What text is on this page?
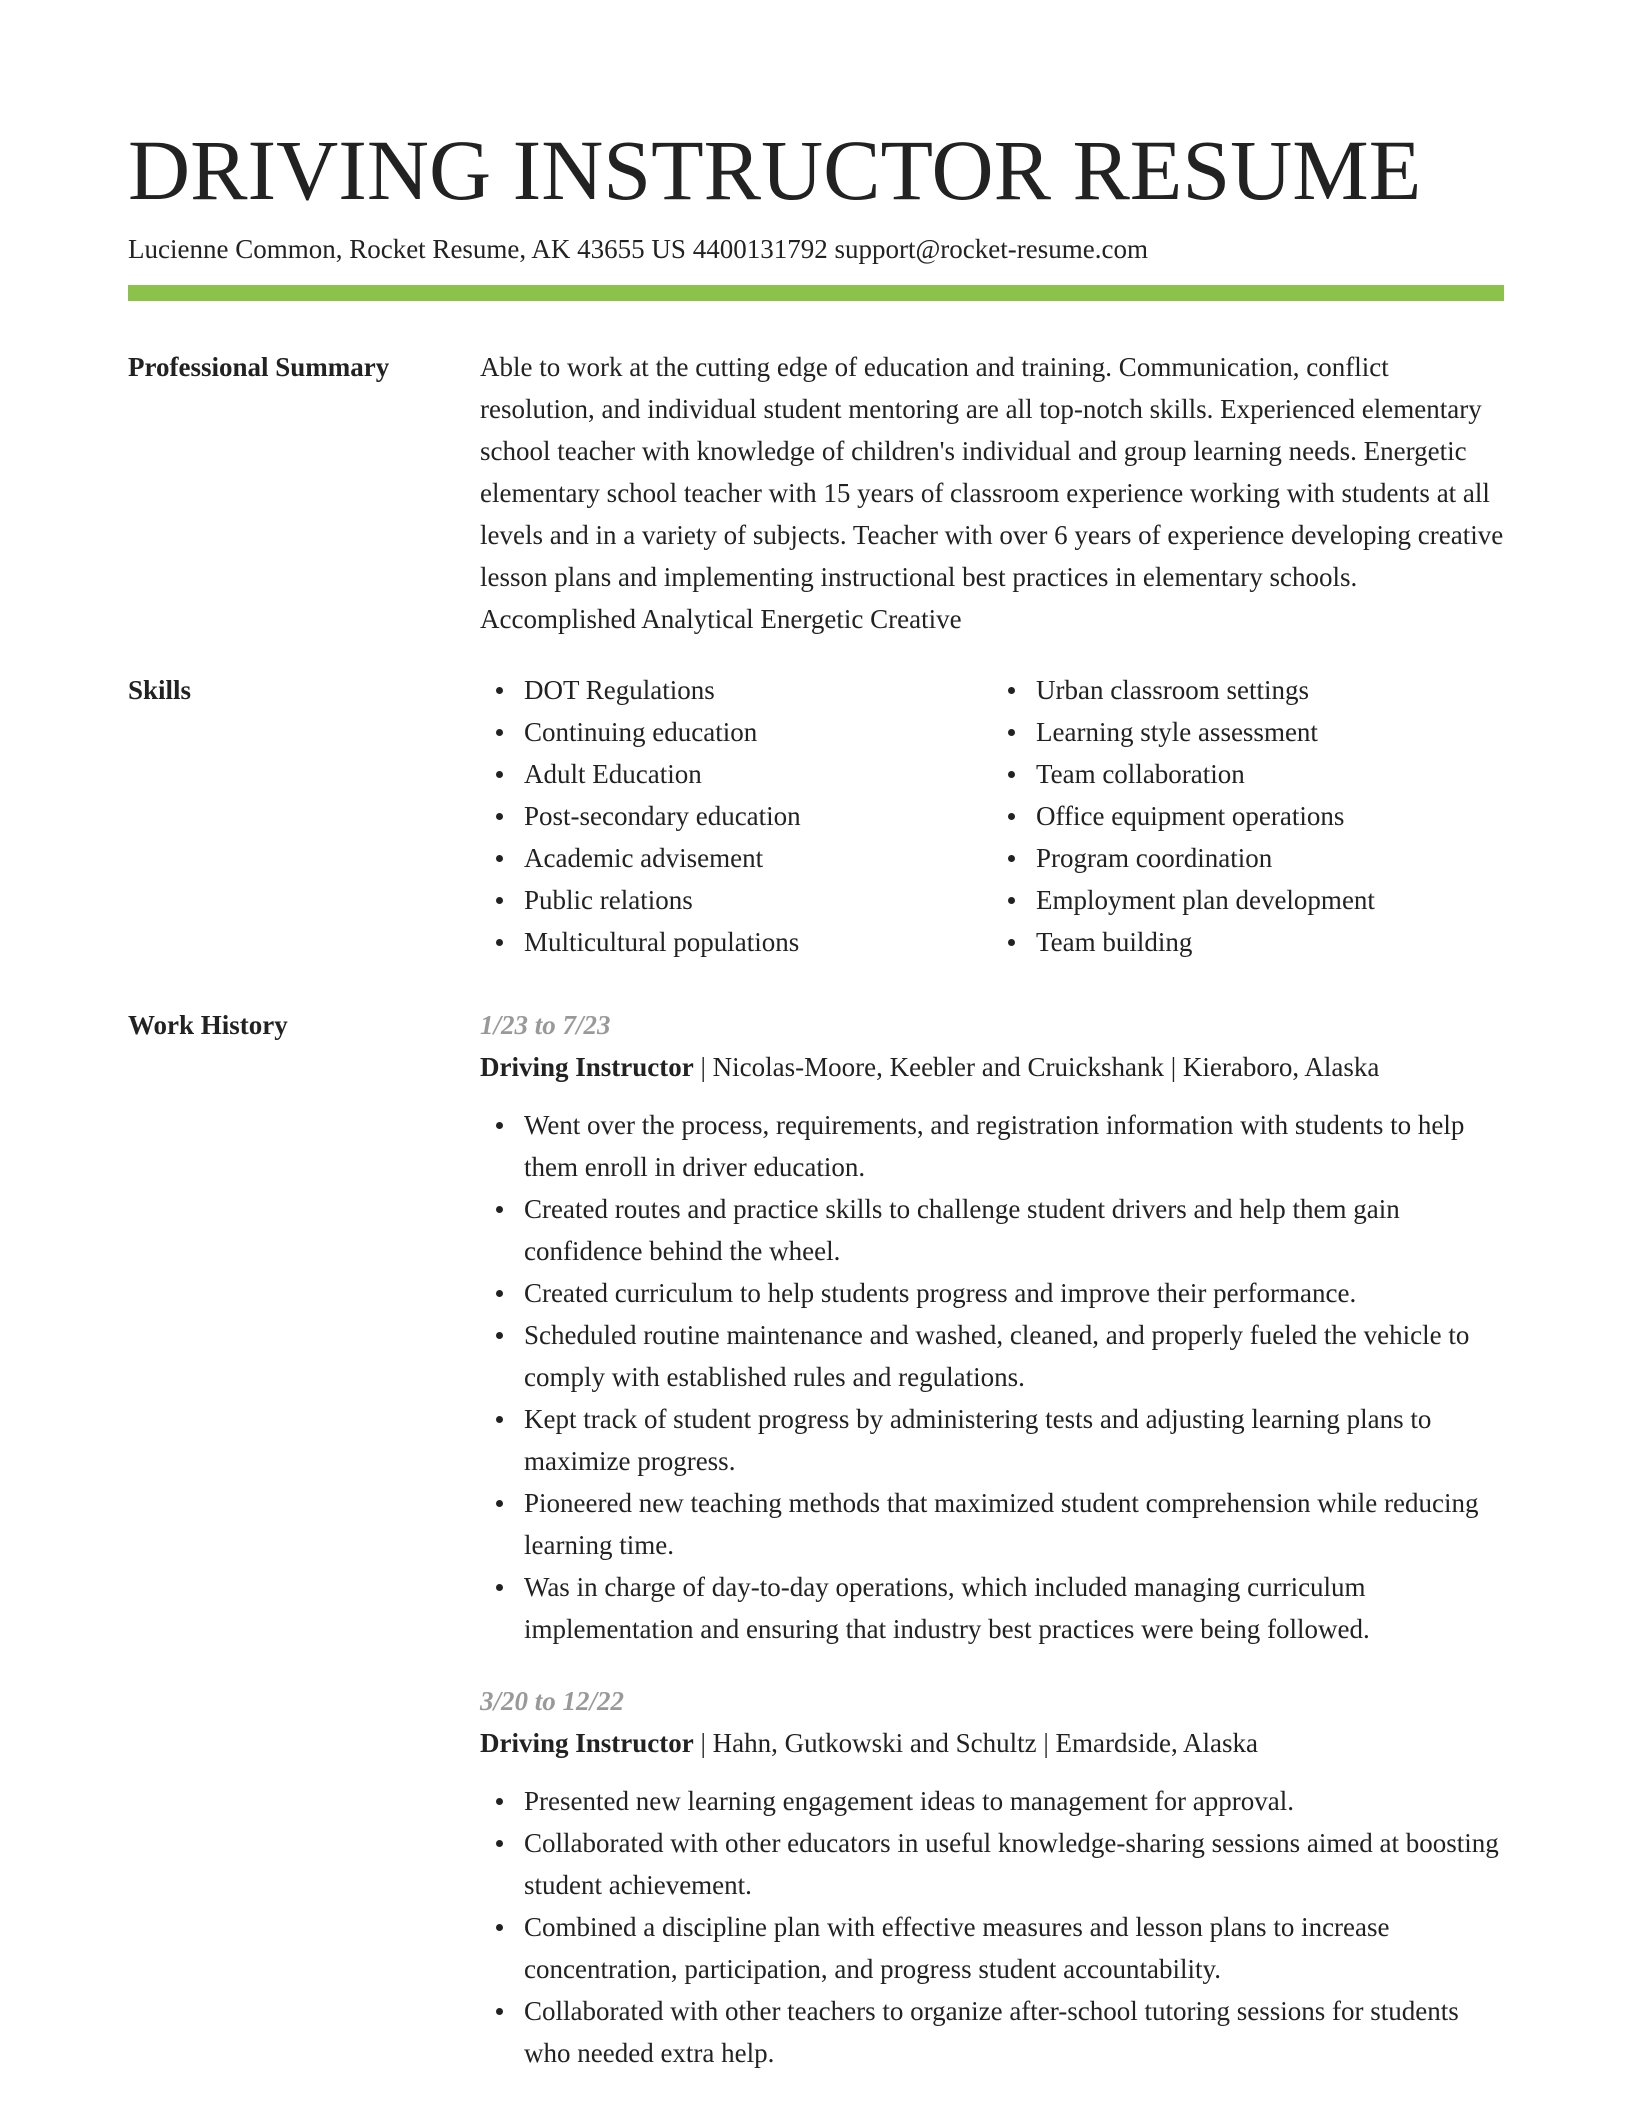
DRIVING INSTRUCTOR RESUME
Lucienne Common, Rocket Resume, AK 43655 US 4400131792 support@rocket-resume.com
Professional Summary	Able to work at the cutting edge of education and training. Communication, conflict resolution, and individual student mentoring are all top-notch skills. Experienced elementary school teacher with knowledge of children's individual and group learning needs. Energetic elementary school teacher with 15 years of classroom experience working with students at all levels and in a variety of subjects. Teacher with over 6 years of experience developing creative lesson plans and implementing instructional best practices in elementary schools. Accomplished Analytical Energetic Creative

Skills	DOT Regulations
Continuing education
Adult Education
Post-secondary education
Academic advisement
Public relations
Multicultural populations
Urban classroom settings
Learning style assessment
Team collaboration
Office equipment operations
Program coordination
Employment plan development
Team building
Work History	1/23 to 7/23
Driving Instructor | Nicolas-Moore, Keebler and Cruickshank | Kieraboro, Alaska
Went over the process, requirements, and registration information with students to help them enroll in driver education.
Created routes and practice skills to challenge student drivers and help them gain confidence behind the wheel.
Created curriculum to help students progress and improve their performance.
Scheduled routine maintenance and washed, cleaned, and properly fueled the vehicle to comply with established rules and regulations.
Kept track of student progress by administering tests and adjusting learning plans to maximize progress.
Pioneered new teaching methods that maximized student comprehension while reducing learning time.
Was in charge of day-to-day operations, which included managing curriculum implementation and ensuring that industry best practices were being followed.
3/20 to 12/22
Driving Instructor | Hahn, Gutkowski and Schultz | Emardside, Alaska
Presented new learning engagement ideas to management for approval.
Collaborated with other educators in useful knowledge-sharing sessions aimed at boosting student achievement.
Combined a discipline plan with effective measures and lesson plans to increase concentration, participation, and progress student accountability.
Collaborated with other teachers to organize after-school tutoring sessions for students who needed extra help.
